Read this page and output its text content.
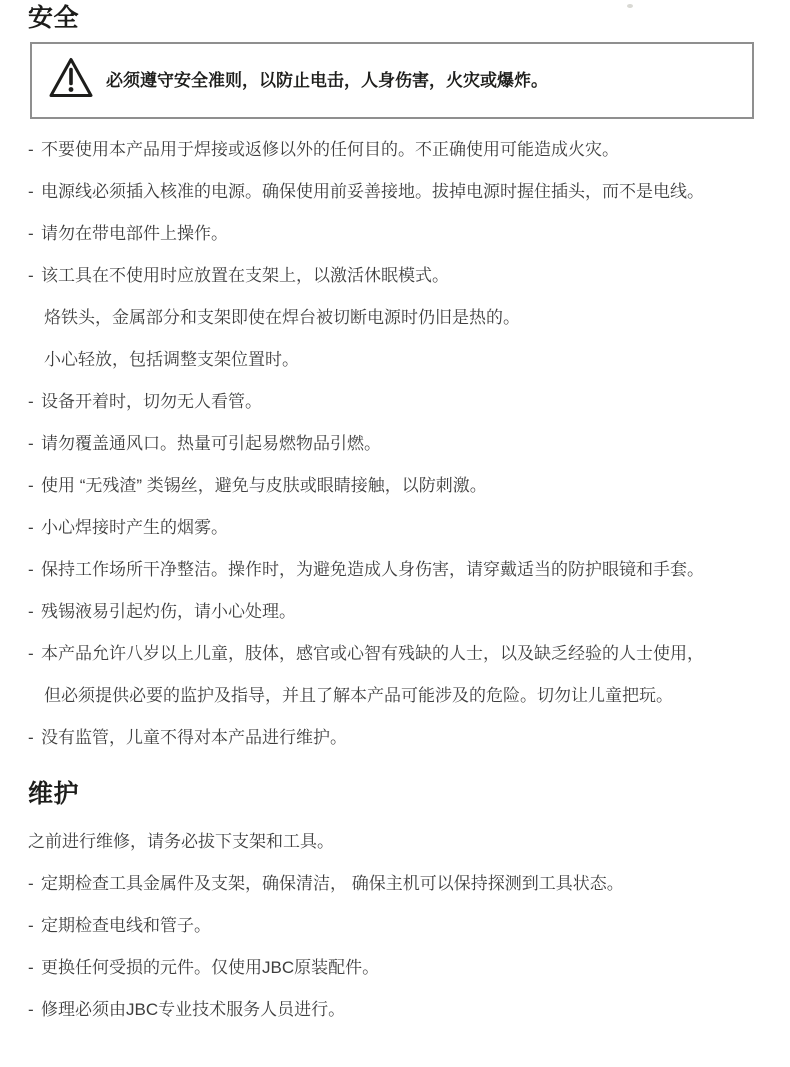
安全
必须遵守安全准则，以防止电击，人身伤害，火灾或爆炸。
- 不要使用本产品用于焊接或返修以外的任何目的。不正确使用可能造成火灾。
- 电源线必须插入核准的电源。确保使用前妥善接地。拔掉电源时握住插头，而不是电线。
- 请勿在带电部件上操作。
- 该工具在不使用时应放置在支架上，以激活休眠模式。
烙铁头，金属部分和支架即使在焊台被切断电源时仍旧是热的。
小心轻放，包括调整支架位置时。
- 设备开着时，切勿无人看管。
- 请勿覆盖通风口。热量可引起易燃物品引燃。
- 使用 “无残渣” 类锡丝，避免与皮肤或眼睛接触，以防刺激。
- 小心焊接时产生的烟雾。
- 保持工作场所干净整洁。操作时，为避免造成人身伤害，请穿戴适当的防护眼镜和手套。
- 残锡液易引起灼伤，请小心处理。
- 本产品允许八岁以上儿童，肢体，感官或心智有残缺的人士，以及缺乏经验的人士使用，
但必须提供必要的监护及指导，并且了解本产品可能涉及的危险。切勿让儿童把玩。
- 没有监管，儿童不得对本产品进行维护。
维护
之前进行维修，请务必拔下支架和工具。
- 定期检查工具金属件及支架，确保清洁， 确保主机可以保持探测到工具状态。
- 定期检查电线和管子。
- 更换任何受损的元件。仅使用JBC原装配件。
- 修理必须由JBC专业技术服务人员进行。
